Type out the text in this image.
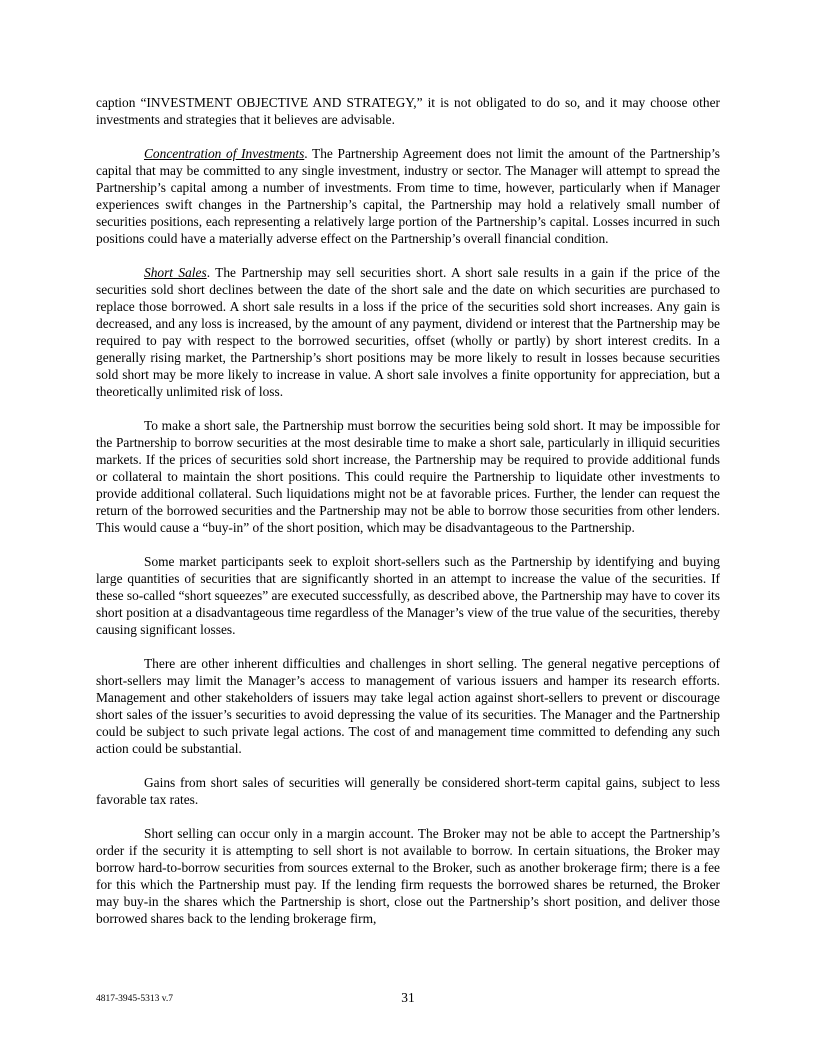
caption “INVESTMENT OBJECTIVE AND STRATEGY,” it is not obligated to do so, and it may choose other investments and strategies that it believes are advisable.

Concentration of Investments. The Partnership Agreement does not limit the amount of the Partnership’s capital that may be committed to any single investment, industry or sector. The Manager will attempt to spread the Partnership’s capital among a number of investments. From time to time, however, particularly when if Manager experiences swift changes in the Partnership’s capital, the Partnership may hold a relatively small number of securities positions, each representing a relatively large portion of the Partnership’s capital. Losses incurred in such positions could have a materially adverse effect on the Partnership’s overall financial condition.

Short Sales. The Partnership may sell securities short. A short sale results in a gain if the price of the securities sold short declines between the date of the short sale and the date on which securities are purchased to replace those borrowed. A short sale results in a loss if the price of the securities sold short increases. Any gain is decreased, and any loss is increased, by the amount of any payment, dividend or interest that the Partnership may be required to pay with respect to the borrowed securities, offset (wholly or partly) by short interest credits. In a generally rising market, the Partnership’s short positions may be more likely to result in losses because securities sold short may be more likely to increase in value. A short sale involves a finite opportunity for appreciation, but a theoretically unlimited risk of loss.

To make a short sale, the Partnership must borrow the securities being sold short. It may be impossible for the Partnership to borrow securities at the most desirable time to make a short sale, particularly in illiquid securities markets. If the prices of securities sold short increase, the Partnership may be required to provide additional funds or collateral to maintain the short positions. This could require the Partnership to liquidate other investments to provide additional collateral. Such liquidations might not be at favorable prices. Further, the lender can request the return of the borrowed securities and the Partnership may not be able to borrow those securities from other lenders. This would cause a “buy-in” of the short position, which may be disadvantageous to the Partnership.

Some market participants seek to exploit short-sellers such as the Partnership by identifying and buying large quantities of securities that are significantly shorted in an attempt to increase the value of the securities. If these so-called “short squeezes” are executed successfully, as described above, the Partnership may have to cover its short position at a disadvantageous time regardless of the Manager’s view of the true value of the securities, thereby causing significant losses.

There are other inherent difficulties and challenges in short selling. The general negative perceptions of short-sellers may limit the Manager’s access to management of various issuers and hamper its research efforts. Management and other stakeholders of issuers may take legal action against short-sellers to prevent or discourage short sales of the issuer’s securities to avoid depressing the value of its securities. The Manager and the Partnership could be subject to such private legal actions. The cost of and management time committed to defending any such action could be substantial.

Gains from short sales of securities will generally be considered short-term capital gains, subject to less favorable tax rates.

Short selling can occur only in a margin account. The Broker may not be able to accept the Partnership’s order if the security it is attempting to sell short is not available to borrow. In certain situations, the Broker may borrow hard-to-borrow securities from sources external to the Broker, such as another brokerage firm; there is a fee for this which the Partnership must pay. If the lending firm requests the borrowed shares be returned, the Broker may buy-in the shares which the Partnership is short, close out the Partnership’s short position, and deliver those borrowed shares back to the lending brokerage firm,

4817-3945-5313 v.7	31
